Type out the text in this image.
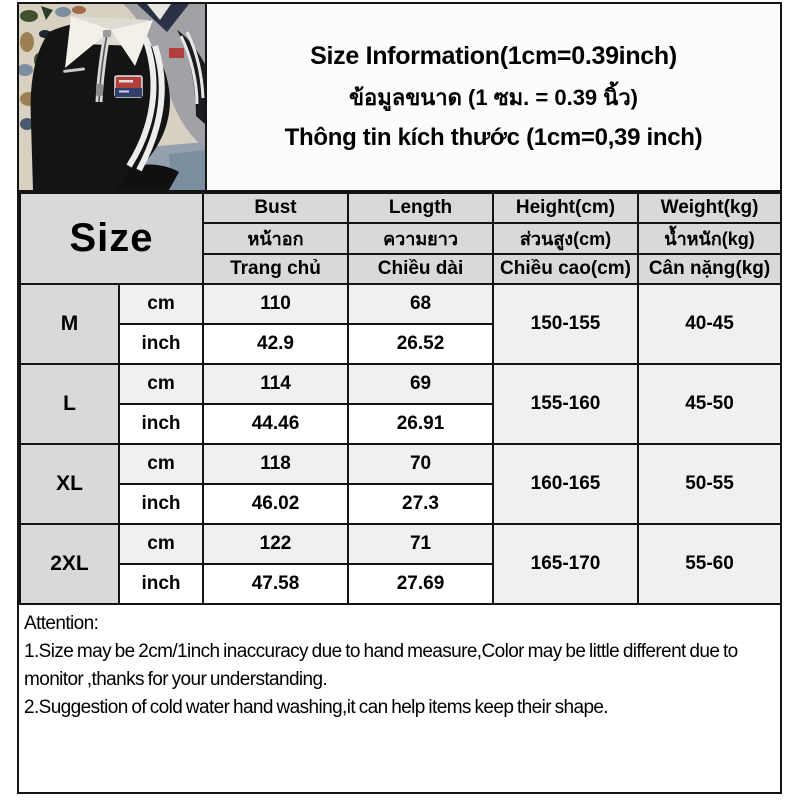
Size Information(1cm=0.39inch)
ข้อมูลขนาด (1 ซม. = 0.39 นิ้ว)
Thông tin kích thước (1cm=0,39 inch)
Size		Bust	Length	Height(cm)	Weight(kg)
		หน้าอก	ความยาว	ส่วนสูง(cm)	น้ำหนัก(kg)
		Trang chủ	Chiều dài	Chiều cao(cm)	Cân nặng(kg)
M	cm	110	68	150-155	40-45
	inch	42.9	26.52		
L	cm	114	69	155-160	45-50
	inch	44.46	26.91		
XL	cm	118	70	160-165	50-55
	inch	46.02	27.3		
2XL	cm	122	71	165-170	55-60
	inch	47.58	27.69		

Attention:

1.Size may be 2cm/1inch inaccuracy due to hand measure,Color may be little different due to monitor ,thanks for your understanding.

2.Suggestion of cold water hand washing,it can help items keep their shape.
